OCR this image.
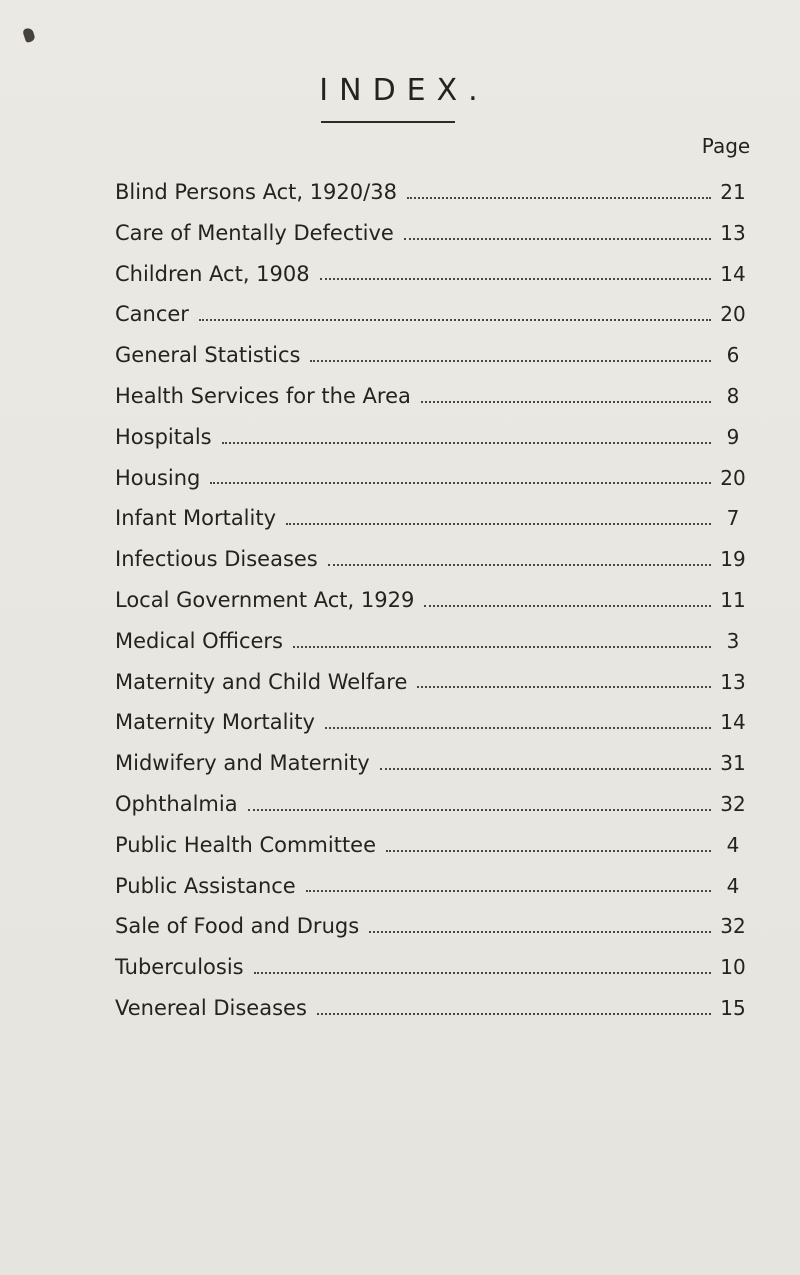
INDEX.
Page
Blind Persons Act, 1920/38	21
Care of Mentally Defective	13
Children Act, 1908	14
Cancer	20
General Statistics	6
Health Services for the Area	8
Hospitals	9
Housing	20
Infant Mortality	7
Infectious Diseases	19
Local Government Act, 1929	11
Medical Officers	3
Maternity and Child Welfare	13
Maternity Mortality	14
Midwifery and Maternity	31
Ophthalmia	32
Public Health Committee	4
Public Assistance	4
Sale of Food and Drugs	32
Tuberculosis	10
Venereal Diseases	15
